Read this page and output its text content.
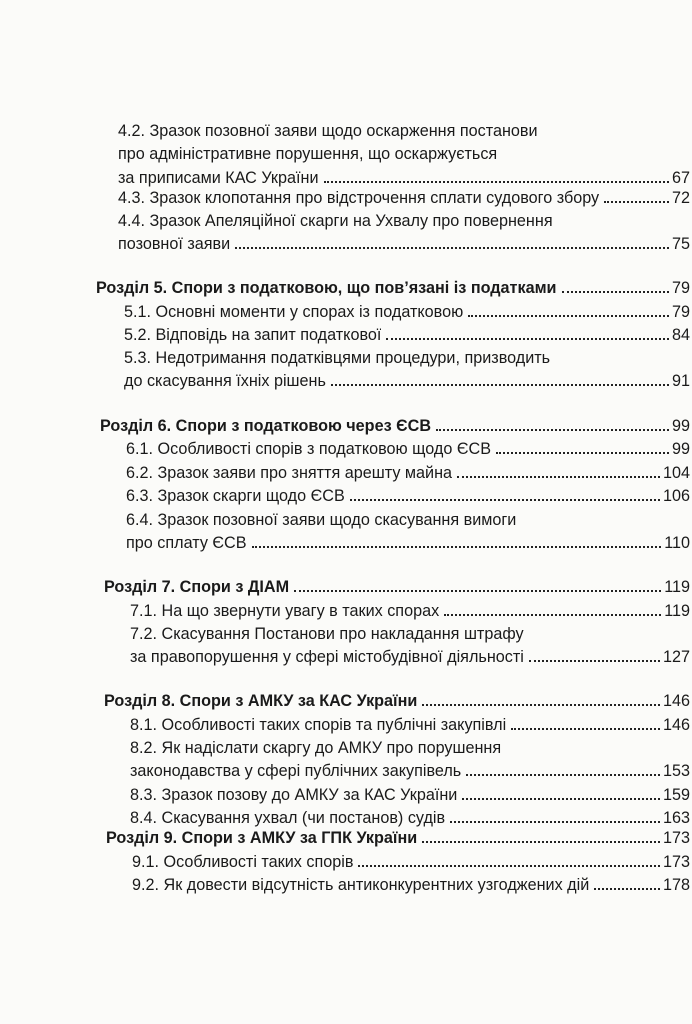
4.2. Зразок позовної заяви щодо оскарження постанови
про адміністративне порушення, що оскаржується
за приписами КАС України	67
4.3. Зразок клопотання про відстрочення сплати судового збору	72
4.4. Зразок Апеляційної скарги на Ухвалу про повернення
позовної заяви	75
Розділ 5. Спори з податковою, що пов’язані із податками	79
5.1. Основні моменти у спорах із податковою	79
5.2. Відповідь на запит податкової	84
5.3. Недотримання податківцями процедури, призводить
до скасування їхніх рішень	91
Розділ 6. Спори з податковою через ЄСВ	99
6.1. Особливості спорів з податковою щодо ЄСВ	99
6.2. Зразок заяви про зняття арешту майна	104
6.3. Зразок скарги щодо ЄСВ	106
6.4. Зразок позовної заяви щодо скасування вимоги
про сплату ЄСВ	110
Розділ 7. Спори з ДІАМ	119
7.1. На що звернути увагу в таких спорах	119
7.2. Скасування Постанови про накладання штрафу
за правопорушення у сфері містобудівної діяльності	127
Розділ 8. Спори з АМКУ за КАС України	146
8.1. Особливості таких спорів та публічні закупівлі	146
8.2. Як надіслати скаргу до АМКУ про порушення
законодавства у сфері публічних закупівель	153
8.3. Зразок позову до АМКУ за КАС України	159
8.4. Скасування ухвал (чи постанов) судів	163
Розділ 9. Спори з АМКУ за ГПК України	173
9.1. Особливості таких спорів	173
9.2. Як довести відсутність антиконкурентних узгоджених дій	178
